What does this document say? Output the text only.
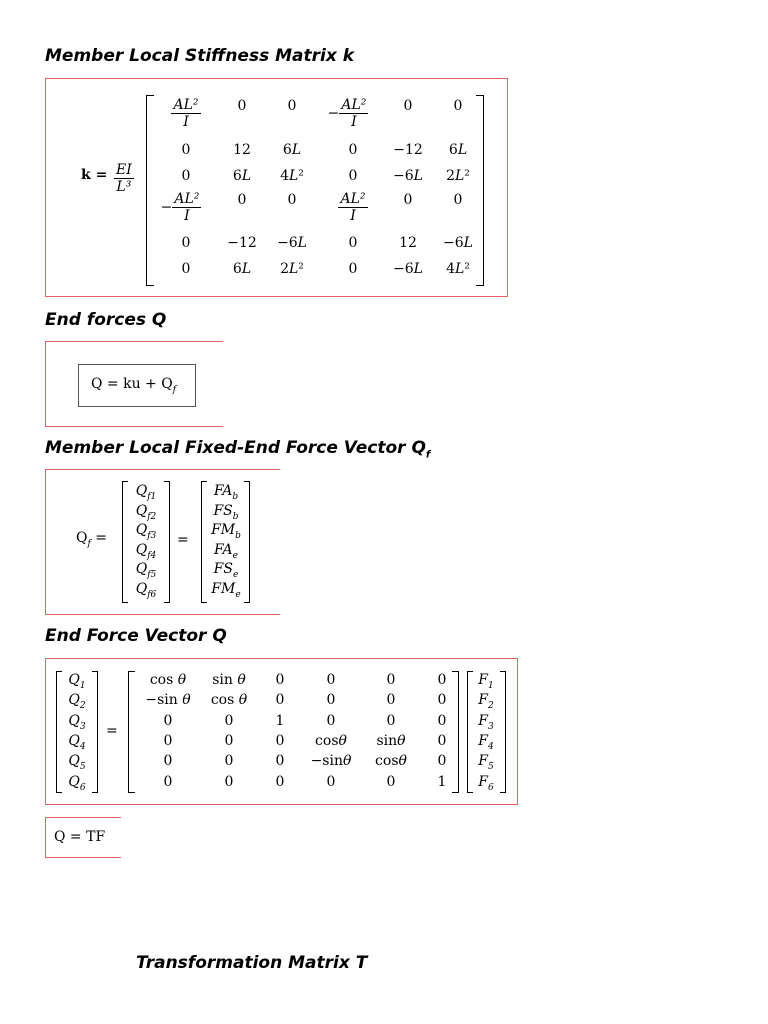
Member Local Stiffness Matrix k
$k = \frac{EI}{\text{L³}}$
$\frac{\text{AL²}}{I}$	0	0	− $\frac{\text{AL²}}{I}$	0	0
0	12	6L	0	−12	6L
0	6L	4L²	0	−6L	2L²
− $\frac{\text{AL²}}{I}$	0	0	$\frac{\text{AL²}}{I}$	0	0
0	−12	−6L	0	12	−6L
0	6L	2L²	0	−6L	4L²
End forces Q
Q = ku + $Q_f$
Member Local Fixed-End Force Vector $Q_f$
$Q_f$ =	=
$Q_{f1}$	$FA_b$
$Q_{f2}$	$FS_b$
$Q_{f3}$	$FM_b$
$Q_{f4}$	$FA_e$
$Q_{f5}$	$FS_e$
$Q_{f6}$	$FM_e$
End Force Vector Q
=
$Q_1$	cos θ	sin θ	0	0	0	0	$F_1$
$Q_2$	−sin θ	cos θ	0	0	0	0	$F_2$
$Q_3$	0	0	1	0	0	0	$F_3$
$Q_4$	0	0	0	cosθ	sinθ	0	$F_4$
$Q_5$	0	0	0	−sinθ	cosθ	0	$F_5$
$Q_6$	0	0	0	0	0	1	$F_6$
Q = TF
Transformation Matrix T
